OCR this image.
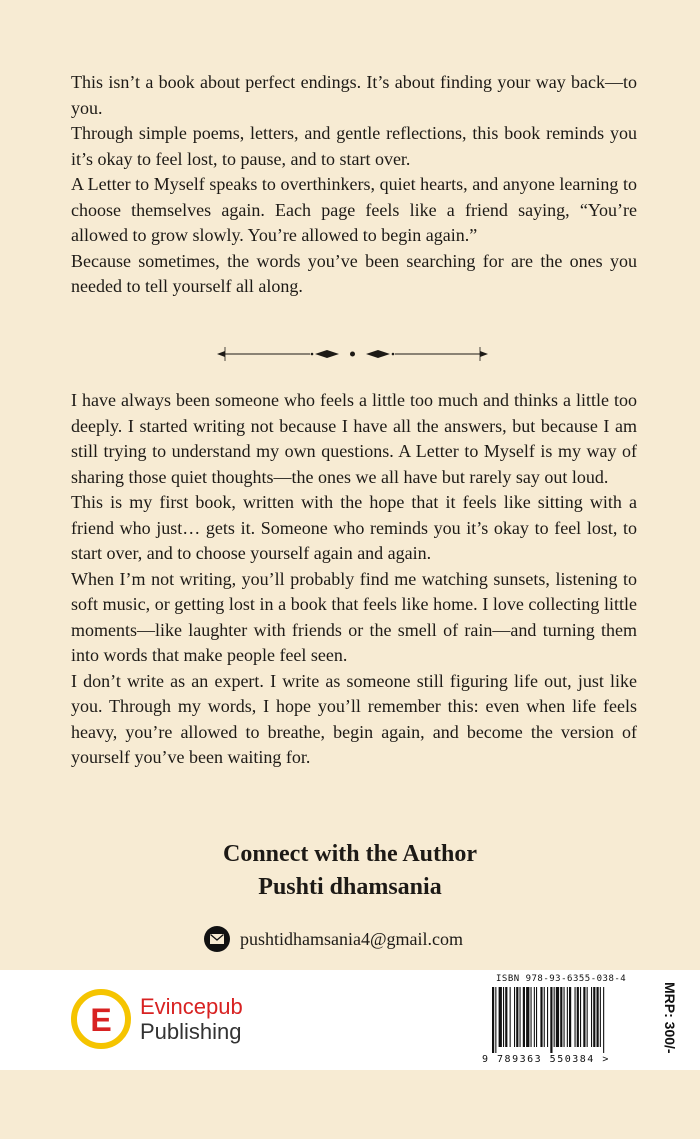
This isn’t a book about perfect endings. It’s about finding your way back—to you.

Through simple poems, letters, and gentle reflections, this book reminds you it’s okay to feel lost, to pause, and to start over.

A Letter to Myself speaks to overthinkers, quiet hearts, and anyone learning to choose themselves again. Each page feels like a friend saying, “You’re allowed to grow slowly. You’re allowed to begin again.”

Because sometimes, the words you’ve been searching for are the ones you needed to tell yourself all along.

I have always been someone who feels a little too much and thinks a little too deeply. I started writing not because I have all the answers, but because I am still trying to understand my own questions. A Letter to Myself is my way of sharing those quiet thoughts—the ones we all have but rarely say out loud.

This is my first book, written with the hope that it feels like sitting with a friend who just… gets it. Someone who reminds you it’s okay to feel lost, to start over, and to choose yourself again and again.

When I’m not writing, you’ll probably find me watching sunsets, listening to soft music, or getting lost in a book that feels like home. I love collecting little moments—like laughter with friends or the smell of rain—and turning them into words that make people feel seen.

I don’t write as an expert. I write as someone still figuring life out, just like you. Through my words, I hope you’ll remember this: even when life feels heavy, you’re allowed to breathe, begin again, and become the version of yourself you’ve been waiting for.

Connect with the Author
Pushti dhamsania
pushtidhamsania4@gmail.com
E Evincepub
Publishing
ISBN 978-93-6355-038-4
9 789363 550384 >
MRP: 300/-
